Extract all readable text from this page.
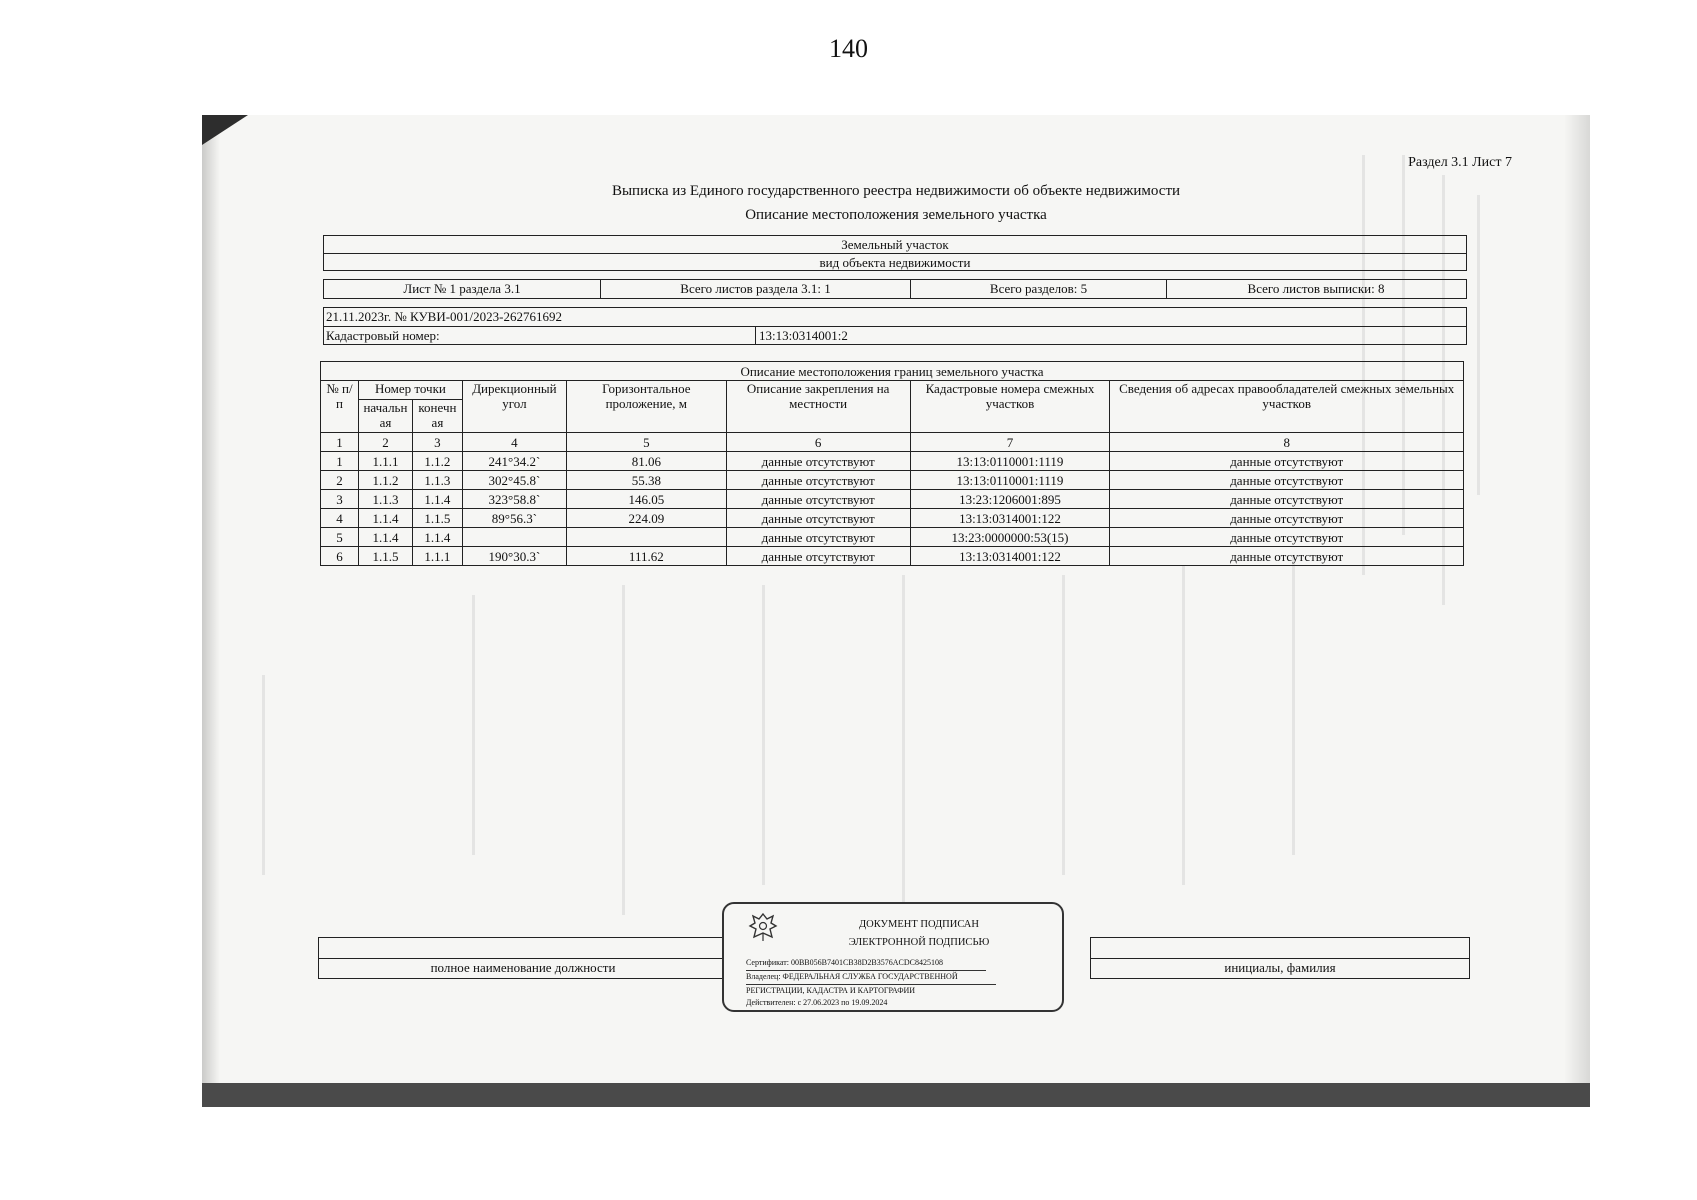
140
Раздел 3.1 Лист 7
Выписка из Единого государственного реестра недвижимости об объекте недвижимости
Описание местоположения земельного участка
Земельный участок
вид объекта недвижимости
Лист № 1 раздела 3.1	Всего листов раздела 3.1: 1	Всего разделов: 5	Всего листов выписки: 8
21.11.2023г. № КУВИ-001/2023-262761692
Кадастровый номер:	13:13:0314001:2
Описание местоположения границ земельного участка							
№ п/п	Номер точки		Дирекционный угол	Горизонтальное проложение, м	Описание закрепления на местности	Кадастровые номера смежных участков	Сведения об адресах правообладателей смежных земельных участков
	начальн ая	конечн ая					
1	2	3	4	5	6	7	8
1	1.1.1	1.1.2	241°34.2`	81.06	данные отсутствуют	13:13:0110001:1119	данные отсутствуют
2	1.1.2	1.1.3	302°45.8`	55.38	данные отсутствуют	13:13:0110001:1119	данные отсутствуют
3	1.1.3	1.1.4	323°58.8`	146.05	данные отсутствуют	13:23:1206001:895	данные отсутствуют
4	1.1.4	1.1.5	89°56.3`	224.09	данные отсутствуют	13:13:0314001:122	данные отсутствуют
5	1.1.4	1.1.4			данные отсутствуют	13:23:0000000:53(15)	данные отсутствуют
6	1.1.5	1.1.1	190°30.3`	111.62	данные отсутствуют	13:13:0314001:122	данные отсутствуют
полное наименование должности	инициалы, фамилия
ДОКУМЕНТ ПОДПИСАН
ЭЛЕКТРОННОЙ ПОДПИСЬЮ
Сертификат: 00BB056B7401CB38D2B3576ACDC8425108
Владелец: ФЕДЕРАЛЬНАЯ СЛУЖБА ГОСУДАРСТВЕННОЙ
РЕГИСТРАЦИИ, КАДАСТРА И КАРТОГРАФИИ
Действителен: с 27.06.2023 по 19.09.2024
